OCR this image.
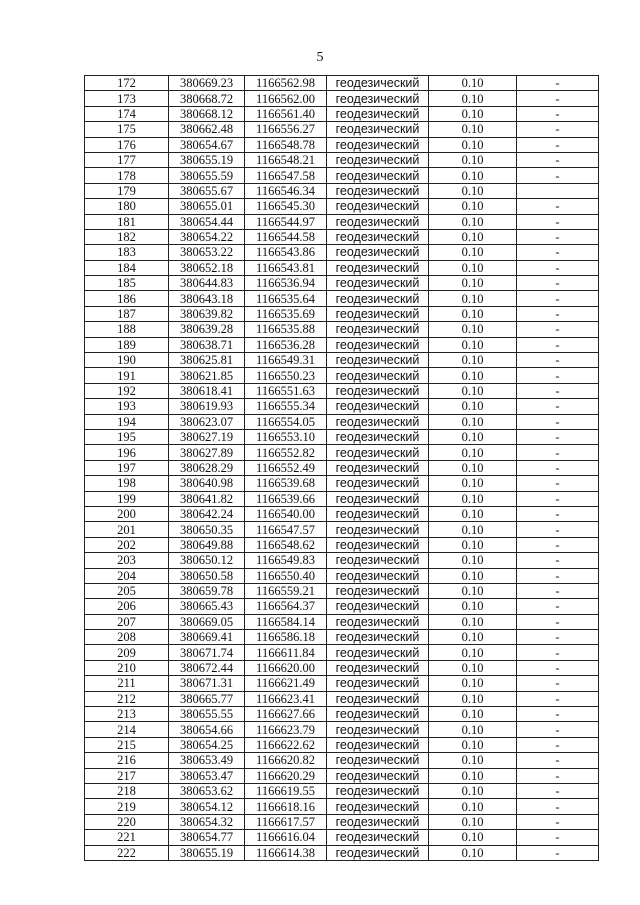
5
172	380669.23	1166562.98	геодезический	0.10	-
173	380668.72	1166562.00	геодезический	0.10	-
174	380668.12	1166561.40	геодезический	0.10	-
175	380662.48	1166556.27	геодезический	0.10	-
176	380654.67	1166548.78	геодезический	0.10	-
177	380655.19	1166548.21	геодезический	0.10	-
178	380655.59	1166547.58	геодезический	0.10	-
179	380655.67	1166546.34	геодезический	0.10	
180	380655.01	1166545.30	геодезический	0.10	-
181	380654.44	1166544.97	геодезический	0.10	-
182	380654.22	1166544.58	геодезический	0.10	-
183	380653.22	1166543.86	геодезический	0.10	-
184	380652.18	1166543.81	геодезический	0.10	-
185	380644.83	1166536.94	геодезический	0.10	-
186	380643.18	1166535.64	геодезический	0.10	-
187	380639.82	1166535.69	геодезический	0.10	-
188	380639.28	1166535.88	геодезический	0.10	-
189	380638.71	1166536.28	геодезический	0.10	-
190	380625.81	1166549.31	геодезический	0.10	-
191	380621.85	1166550.23	геодезический	0.10	-
192	380618.41	1166551.63	геодезический	0.10	-
193	380619.93	1166555.34	геодезический	0.10	-
194	380623.07	1166554.05	геодезический	0.10	-
195	380627.19	1166553.10	геодезический	0.10	-
196	380627.89	1166552.82	геодезический	0.10	-
197	380628.29	1166552.49	геодезический	0.10	-
198	380640.98	1166539.68	геодезический	0.10	-
199	380641.82	1166539.66	геодезический	0.10	-
200	380642.24	1166540.00	геодезический	0.10	-
201	380650.35	1166547.57	геодезический	0.10	-
202	380649.88	1166548.62	геодезический	0.10	-
203	380650.12	1166549.83	геодезический	0.10	-
204	380650.58	1166550.40	геодезический	0.10	-
205	380659.78	1166559.21	геодезический	0.10	-
206	380665.43	1166564.37	геодезический	0.10	-
207	380669.05	1166584.14	геодезический	0.10	-
208	380669.41	1166586.18	геодезический	0.10	-
209	380671.74	1166611.84	геодезический	0.10	-
210	380672.44	1166620.00	геодезический	0.10	-
211	380671.31	1166621.49	геодезический	0.10	-
212	380665.77	1166623.41	геодезический	0.10	-
213	380655.55	1166627.66	геодезический	0.10	-
214	380654.66	1166623.79	геодезический	0.10	-
215	380654.25	1166622.62	геодезический	0.10	-
216	380653.49	1166620.82	геодезический	0.10	-
217	380653.47	1166620.29	геодезический	0.10	-
218	380653.62	1166619.55	геодезический	0.10	-
219	380654.12	1166618.16	геодезический	0.10	-
220	380654.32	1166617.57	геодезический	0.10	-
221	380654.77	1166616.04	геодезический	0.10	-
222	380655.19	1166614.38	геодезический	0.10	-
